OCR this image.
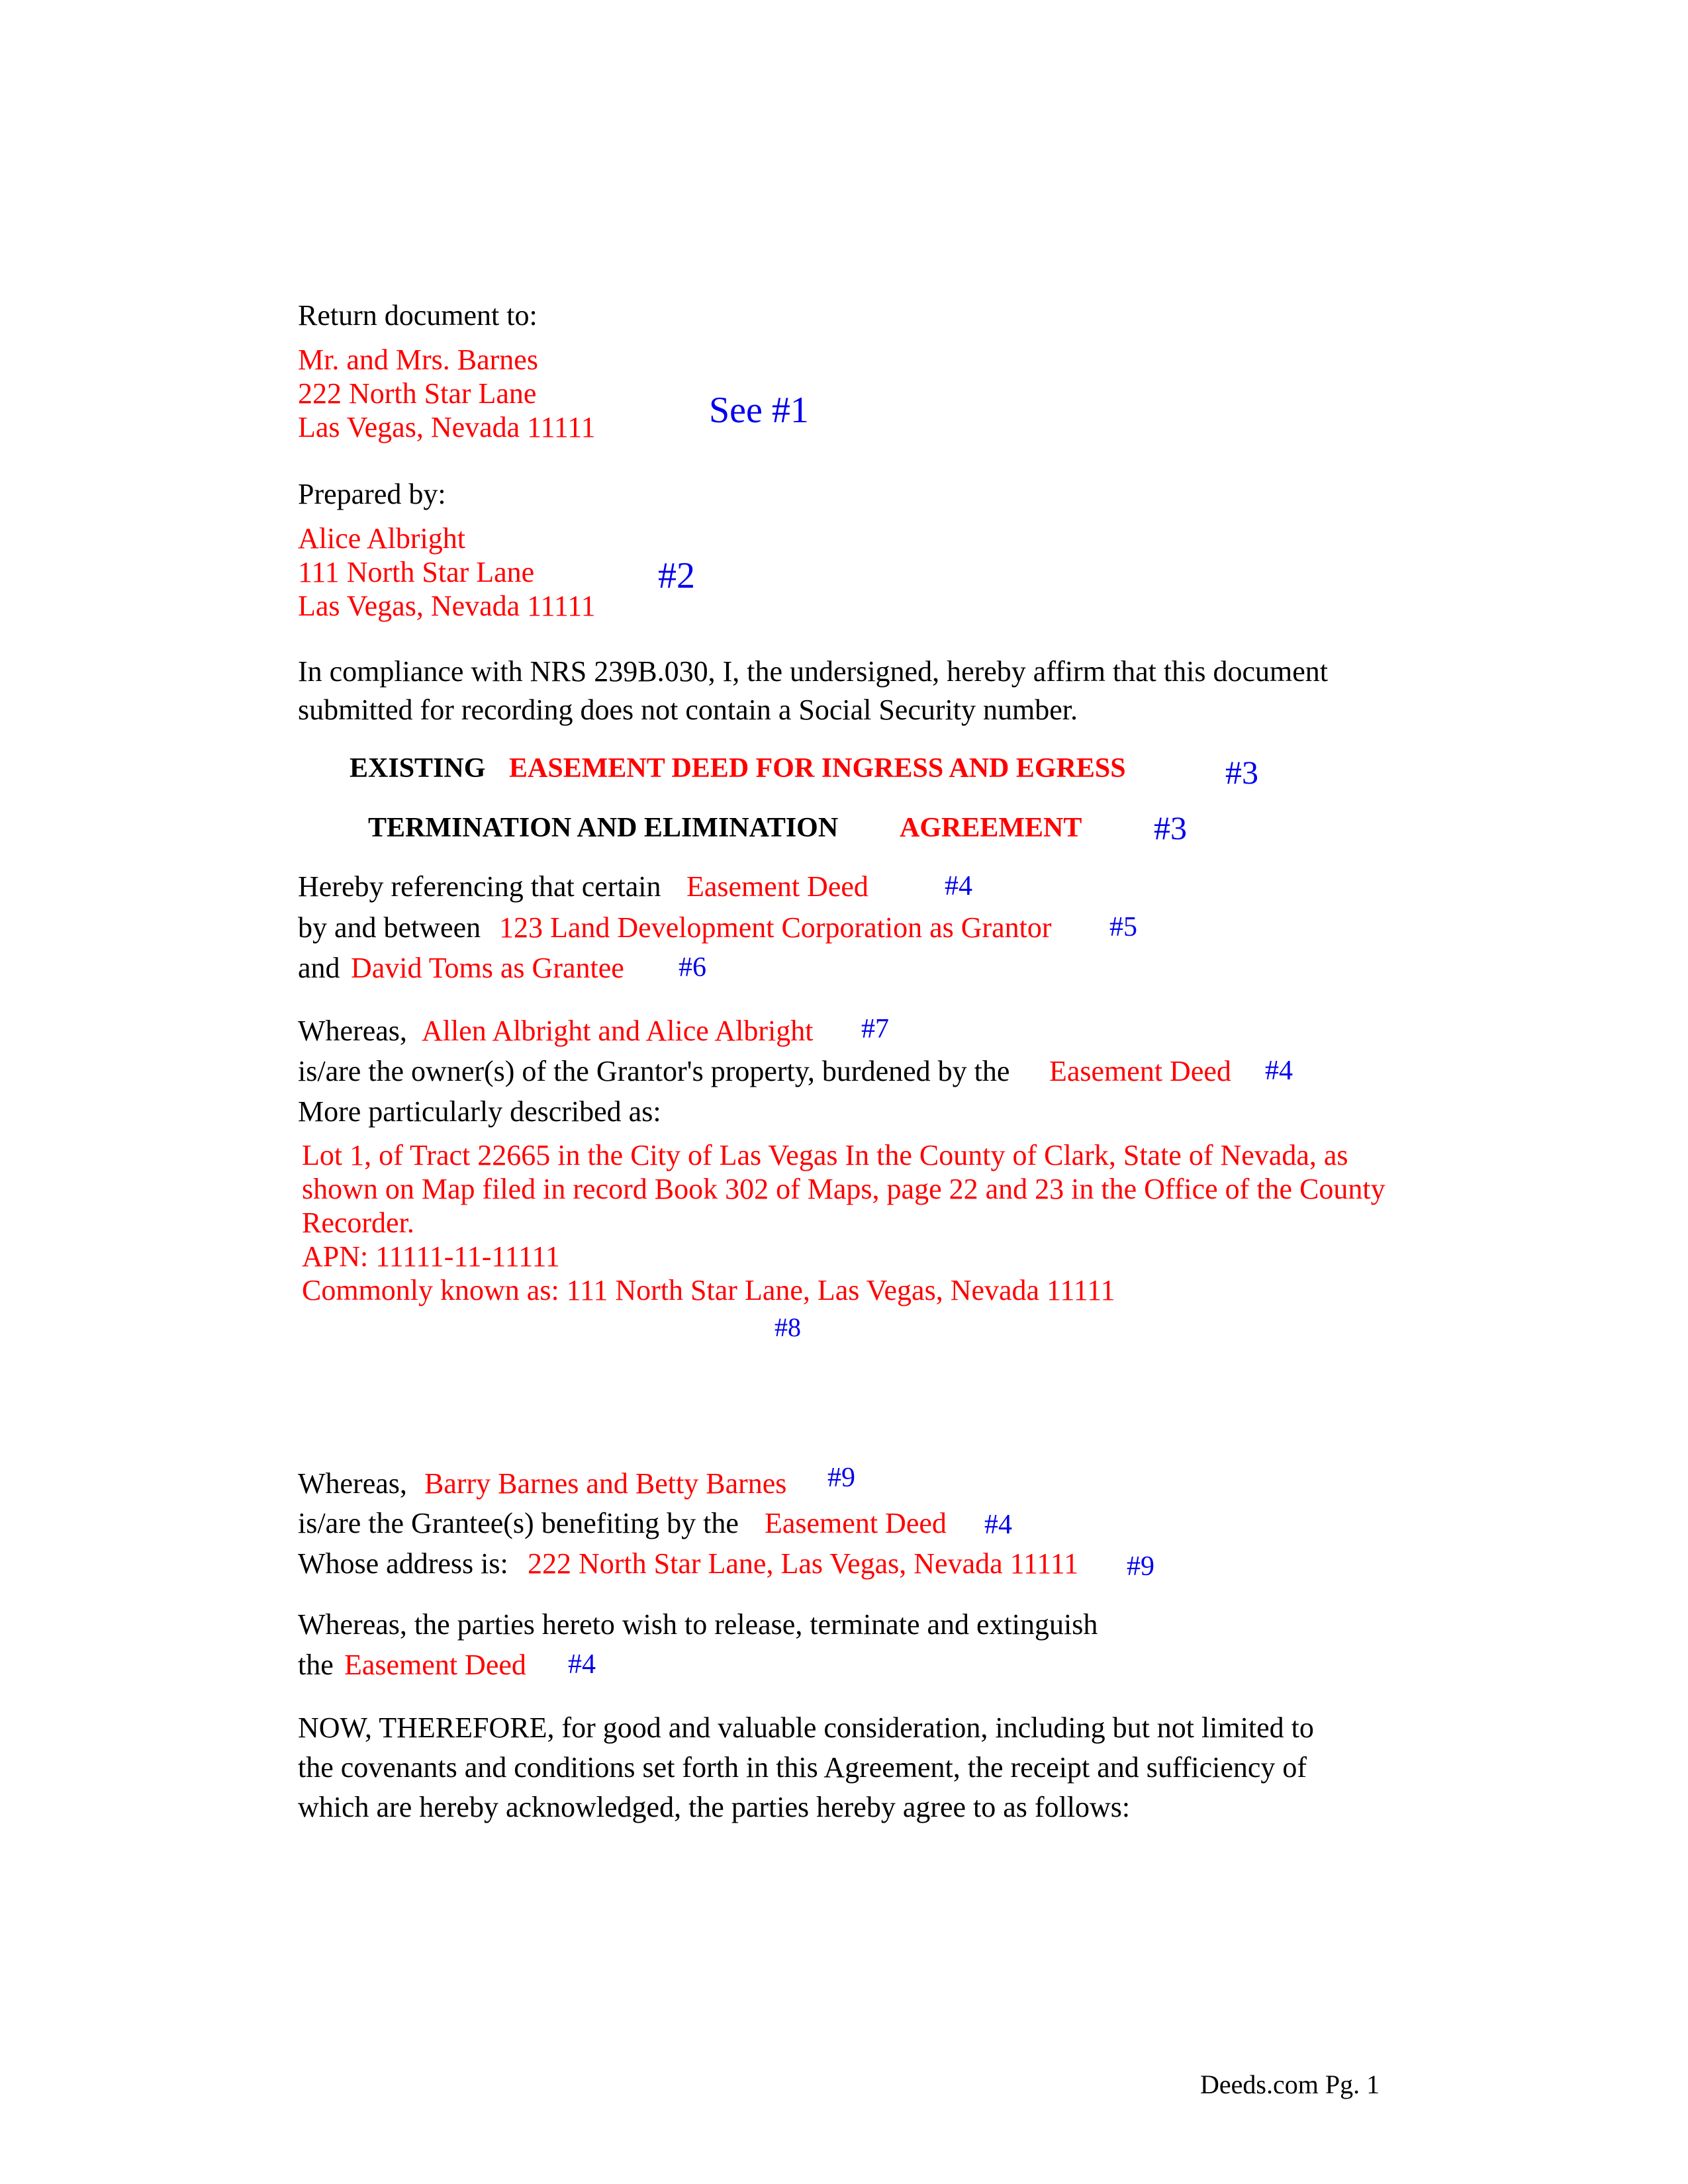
Return document to:
Mr. and Mrs. Barnes
222 North Star Lane
Las Vegas, Nevada 11111	See #1
Prepared by:
Alice Albright
111 North Star Lane
Las Vegas, Nevada 11111
#2
In compliance with NRS 239B.030, I, the undersigned, hereby affirm that this document
submitted for recording does not contain a Social Security number.
EXISTING EASEMENT DEED FOR INGRESS AND EGRESS	#3
TERMINATION AND ELIMINATION AGREEMENT #3
Hereby referencing that certain Easement Deed	#4
by and between 123 Land Development Corporation as Grantor #5
and David Toms as Grantee #6
Whereas, Allen Albright and Alice Albright #7
is/are the owner(s) of the Grantor's property, burdened by the Easement Deed #4
More particularly described as:
Lot 1, of Tract 22665 in the City of Las Vegas In the County of Clark, State of Nevada, as
shown on Map filed in record Book 302 of Maps, page 22 and 23 in the Office of the County
Recorder.
APN: 11111-11-11111
Commonly known as: 111 North Star Lane, Las Vegas, Nevada 11111
#8
Whereas, Barry Barnes and Betty Barnes #9
is/are the Grantee(s) benefiting by the Easement Deed #4
Whose address is: 222 North Star Lane, Las Vegas, Nevada 11111 #9
Whereas, the parties hereto wish to release, terminate and extinguish
the Easement Deed #4
NOW, THEREFORE, for good and valuable consideration, including but not limited to
the covenants and conditions set forth in this Agreement, the receipt and sufficiency of
which are hereby acknowledged, the parties hereby agree to as follows:
Deeds.com Pg. 1
